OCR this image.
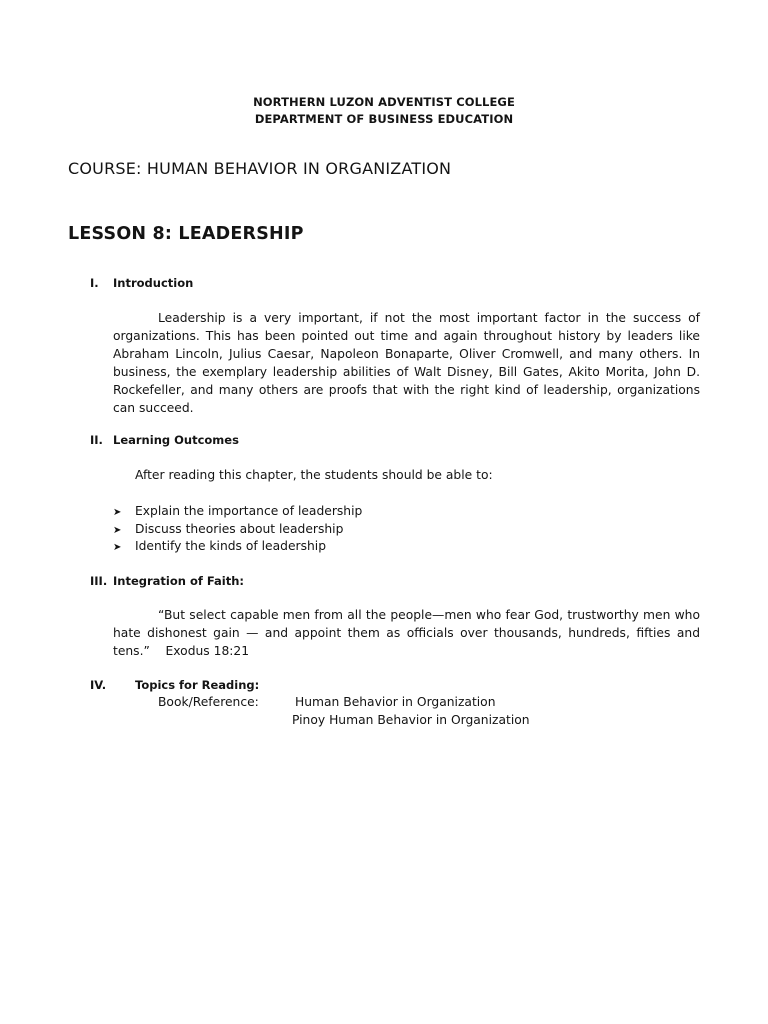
NORTHERN LUZON ADVENTIST COLLEGE
DEPARTMENT OF BUSINESS EDUCATION
COURSE: HUMAN BEHAVIOR IN ORGANIZATION
LESSON 8: LEADERSHIP
I. Introduction

Leadership is a very important, if not the most important factor in the success of organizations. This has been pointed out time and again throughout history by leaders like Abraham Lincoln, Julius Caesar, Napoleon Bonaparte, Oliver Cromwell, and many others. In business, the exemplary leadership abilities of Walt Disney, Bill Gates, Akito Morita, John D. Rockefeller, and many others are proofs that with the right kind of leadership, organizations can succeed.

II. Learning Outcomes
After reading this chapter, the students should be able to:
➤ Explain the importance of leadership
➤ Discuss theories about leadership
➤ Identify the kinds of leadership
III. Integration of Faith:

“But select capable men from all the people—men who fear God, trustworthy men who hate dishonest gain — and appoint them as officials over thousands, hundreds, fifties and tens.” Exodus 18:21

IV.	Topics for Reading:
Book/Reference:	Human Behavior in Organization
Pinoy Human Behavior in Organization
